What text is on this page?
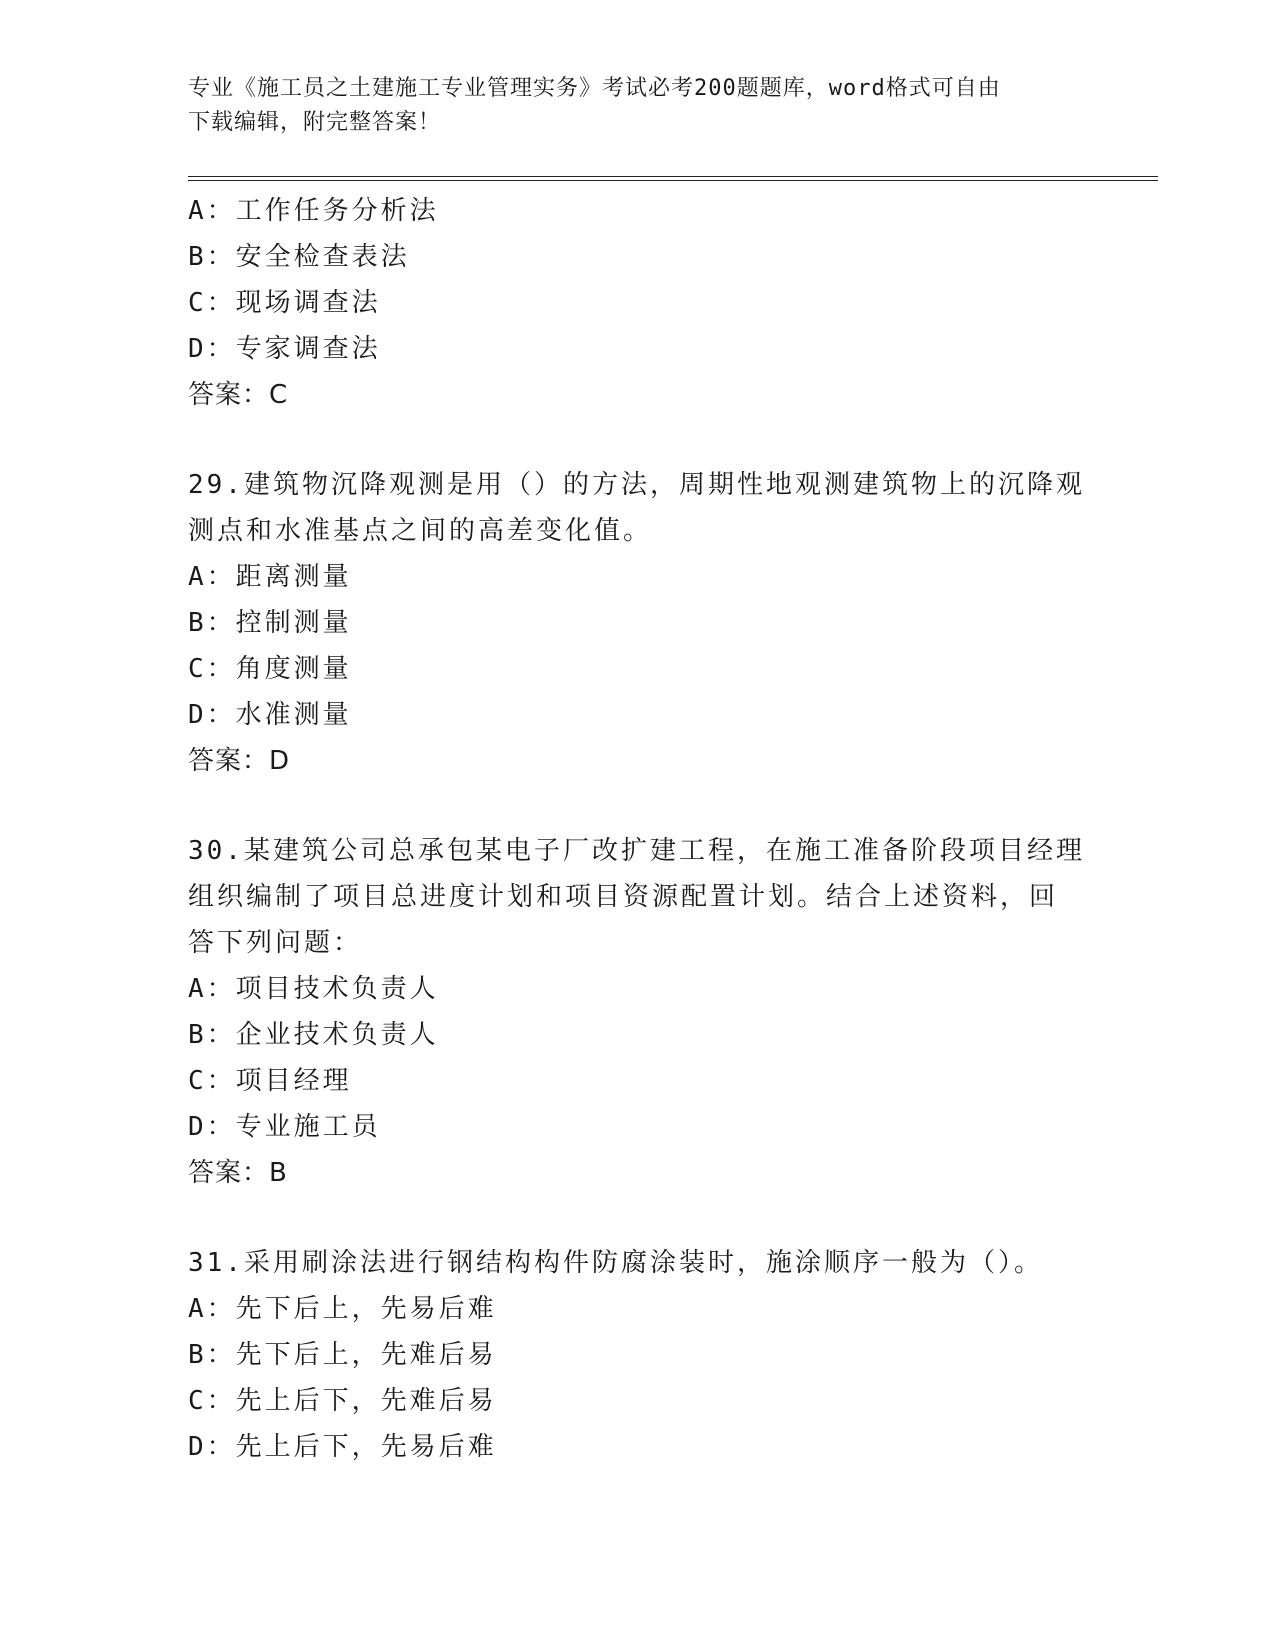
专业《施工员之土建施工专业管理实务》考试必考200题题库，word格式可自由
下载编辑，附完整答案！

A：工作任务分析法

B：安全检查表法

C：现场调查法

D：专家调查法

答案：C

29.建筑物沉降观测是用（）的方法，周期性地观测建筑物上的沉降观

测点和水准基点之间的高差变化值。

A：距离测量

B：控制测量

C：角度测量

D：水准测量

答案：D

30.某建筑公司总承包某电子厂改扩建工程，在施工准备阶段项目经理

组织编制了项目总进度计划和项目资源配置计划。结合上述资料，回

答下列问题：

A：项目技术负责人

B：企业技术负责人

C：项目经理

D：专业施工员

答案：B

31.采用刷涂法进行钢结构构件防腐涂装时，施涂顺序一般为（）。

A：先下后上，先易后难

B：先下后上，先难后易

C：先上后下，先难后易

D：先上后下，先易后难
